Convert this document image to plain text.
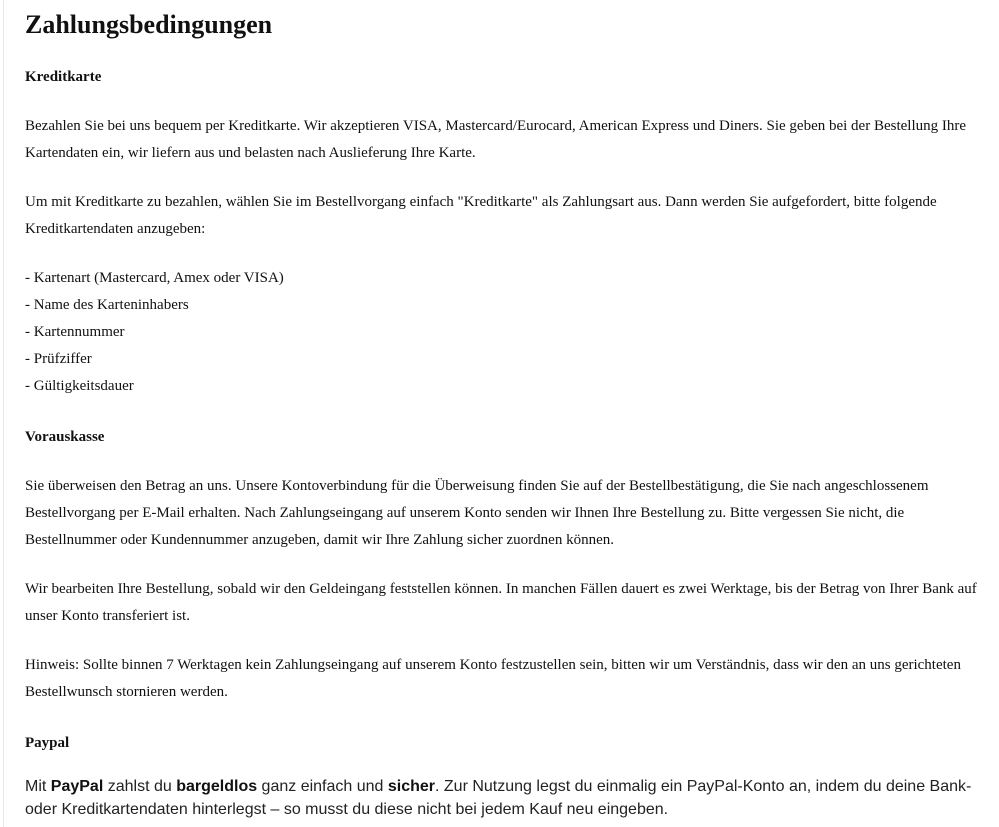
Zahlungsbedingungen
Kreditkarte

Bezahlen Sie bei uns bequem per Kreditkarte. Wir akzeptieren VISA, Mastercard/Eurocard, American Express und Diners. Sie geben bei der Bestellung Ihre Kartendaten ein, wir liefern aus und belasten nach Auslieferung Ihre Karte.

Um mit Kreditkarte zu bezahlen, wählen Sie im Bestellvorgang einfach "Kreditkarte" als Zahlungsart aus. Dann werden Sie aufgefordert, bitte folgende Kreditkartendaten anzugeben:

- Kartenart (Mastercard, Amex oder VISA)
- Name des Karteninhabers
- Kartennummer
- Prüfziffer
- Gültigkeitsdauer
Vorauskasse

Sie überweisen den Betrag an uns. Unsere Kontoverbindung für die Überweisung finden Sie auf der Bestellbestätigung, die Sie nach angeschlossenem Bestellvorgang per E-Mail erhalten. Nach Zahlungseingang auf unserem Konto senden wir Ihnen Ihre Bestellung zu. Bitte vergessen Sie nicht, die Bestellnummer oder Kundennummer anzugeben, damit wir Ihre Zahlung sicher zuordnen können.

Wir bearbeiten Ihre Bestellung, sobald wir den Geldeingang feststellen können. In manchen Fällen dauert es zwei Werktage, bis der Betrag von Ihrer Bank auf unser Konto transferiert ist.

Hinweis: Sollte binnen 7 Werktagen kein Zahlungseingang auf unserem Konto festzustellen sein, bitten wir um Verständnis, dass wir den an uns gerichteten Bestellwunsch stornieren werden.

Paypal

Mit PayPal zahlst du bargeldlos ganz einfach und sicher. Zur Nutzung legst du einmalig ein PayPal-Konto an, indem du deine Bank- oder Kreditkartendaten hinterlegst – so musst du diese nicht bei jedem Kauf neu eingeben.
